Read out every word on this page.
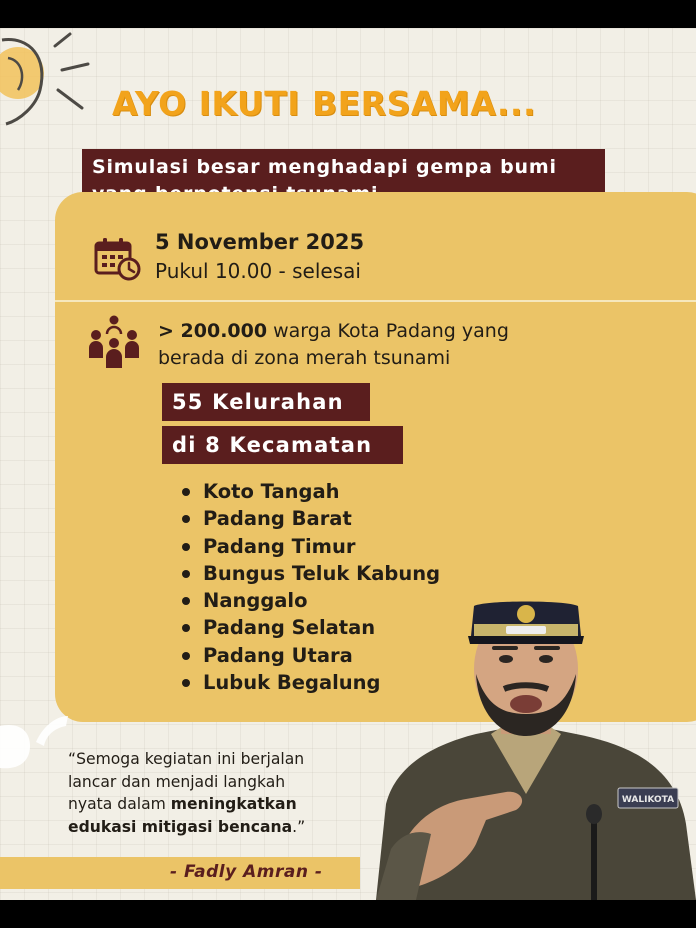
AYO IKUTI BERSAMA...
Simulasi besar menghadapi gempa bumi
5 November 2025
Pukul 10.00 - selesai
> 200.000 warga Kota Padang yang
berada di zona merah tsunami
55 Kelurahan
di 8 Kecamatan
Koto Tangah
Padang Barat
Padang Timur
Bungus Teluk Kabung
Nanggalo
Padang Selatan
Padang Utara
Lubuk Begalung
“Semoga kegiatan ini berjalan
lancar dan menjadi langkah
nyata dalam meningkatkan
edukasi mitigasi bencana.”
- Fadly Amran -
WALIKOTA
